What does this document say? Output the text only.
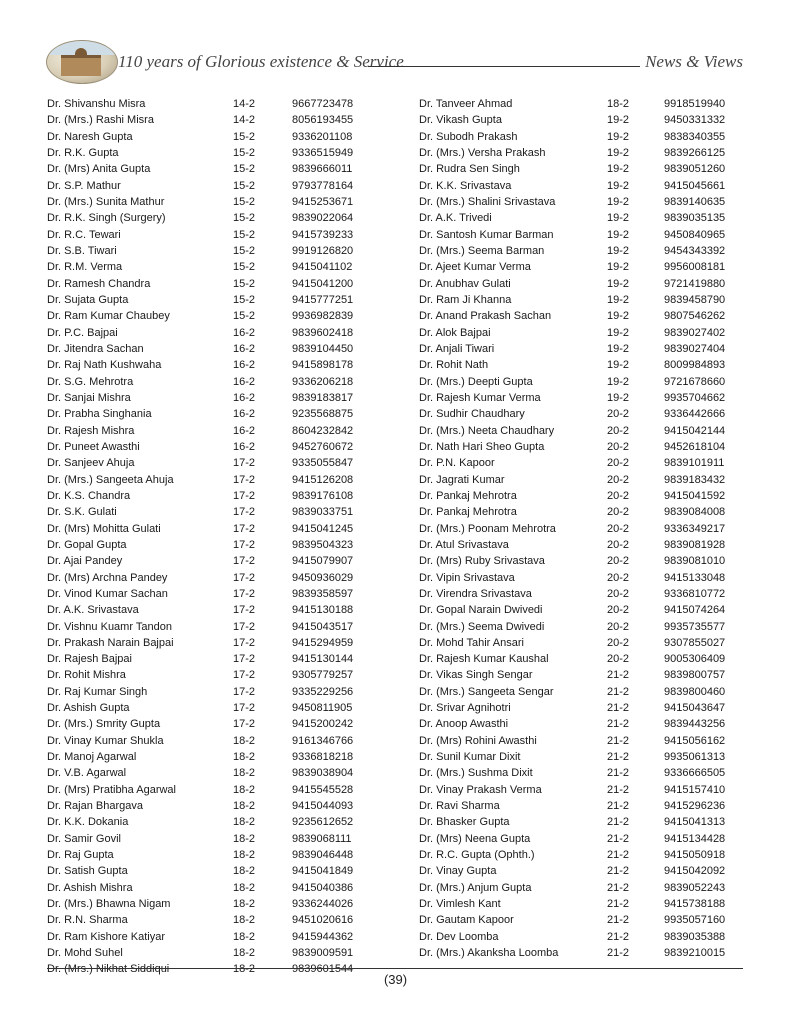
110 years of Glorious existence & Service	News & Views
Dr. Shivanshu Misra	14-2	9667723478
Dr. (Mrs.) Rashi Misra	14-2	8056193455
Dr. Naresh Gupta	15-2	9336201108
Dr. R.K. Gupta	15-2	9336515949
Dr. (Mrs) Anita Gupta	15-2	9839666011
Dr. S.P. Mathur	15-2	9793778164
Dr. (Mrs.) Sunita Mathur	15-2	9415253671
Dr. R.K. Singh (Surgery)	15-2	9839022064
Dr. R.C. Tewari	15-2	9415739233
Dr. S.B. Tiwari	15-2	9919126820
Dr. R.M. Verma	15-2	9415041102
Dr. Ramesh Chandra	15-2	9415041200
Dr. Sujata Gupta	15-2	9415777251
Dr. Ram Kumar Chaubey	15-2	9936982839
Dr. P.C. Bajpai	16-2	9839602418
Dr. Jitendra Sachan	16-2	9839104450
Dr. Raj Nath Kushwaha	16-2	9415898178
Dr. S.G. Mehrotra	16-2	9336206218
Dr. Sanjai Mishra	16-2	9839183817
Dr. Prabha Singhania	16-2	9235568875
Dr. Rajesh Mishra	16-2	8604232842
Dr. Puneet Awasthi	16-2	9452760672
Dr. Sanjeev Ahuja	17-2	9335055847
Dr. (Mrs.) Sangeeta Ahuja	17-2	9415126208
Dr. K.S. Chandra	17-2	9839176108
Dr. S.K. Gulati	17-2	9839033751
Dr. (Mrs) Mohitta Gulati	17-2	9415041245
Dr. Gopal Gupta	17-2	9839504323
Dr. Ajai Pandey	17-2	9415079907
Dr. (Mrs) Archna Pandey	17-2	9450936029
Dr. Vinod Kumar Sachan	17-2	9839358597
Dr. A.K. Srivastava	17-2	9415130188
Dr. Vishnu Kuamr Tandon	17-2	9415043517
Dr. Prakash Narain Bajpai	17-2	9415294959
Dr. Rajesh Bajpai	17-2	9415130144
Dr. Rohit Mishra	17-2	9305779257
Dr. Raj Kumar Singh	17-2	9335229256
Dr. Ashish Gupta	17-2	9450811905
Dr. (Mrs.) Smrity Gupta	17-2	9415200242
Dr. Vinay Kumar Shukla	18-2	9161346766
Dr. Manoj Agarwal	18-2	9336818218
Dr. V.B. Agarwal	18-2	9839038904
Dr. (Mrs) Pratibha Agarwal	18-2	9415545528
Dr. Rajan Bhargava	18-2	9415044093
Dr. K.K. Dokania	18-2	9235612652
Dr. Samir Govil	18-2	9839068111
Dr. Raj Gupta	18-2	9839046448
Dr. Satish Gupta	18-2	9415041849
Dr. Ashish Mishra	18-2	9415040386
Dr. (Mrs.) Bhawna Nigam	18-2	9336244026
Dr. R.N. Sharma	18-2	9451020616
Dr. Ram Kishore Katiyar	18-2	9415944362
Dr. Mohd Suhel	18-2	9839009591
Dr. (Mrs.) Nikhat Siddiqui	18-2	9839601544
Dr. Tanveer Ahmad	18-2	9918519940
Dr. Vikash Gupta	19-2	9450331332
Dr. Subodh Prakash	19-2	9838340355
Dr. (Mrs.) Versha Prakash	19-2	9839266125
Dr. Rudra Sen Singh	19-2	9839051260
Dr. K.K. Srivastava	19-2	9415045661
Dr. (Mrs.) Shalini Srivastava	19-2	9839140635
Dr. A.K. Trivedi	19-2	9839035135
Dr. Santosh Kumar Barman	19-2	9450840965
Dr. (Mrs.) Seema Barman	19-2	9454343392
Dr. Ajeet Kumar Verma	19-2	9956008181
Dr. Anubhav Gulati	19-2	9721419880
Dr. Ram Ji Khanna	19-2	9839458790
Dr. Anand Prakash Sachan	19-2	9807546262
Dr. Alok Bajpai	19-2	9839027402
Dr. Anjali Tiwari	19-2	9839027404
Dr. Rohit Nath	19-2	8009984893
Dr. (Mrs.) Deepti Gupta	19-2	9721678660
Dr. Rajesh Kumar Verma	19-2	9935704662
Dr. Sudhir Chaudhary	20-2	9336442666
Dr. (Mrs.) Neeta Chaudhary	20-2	9415042144
Dr. Nath Hari Sheo Gupta	20-2	9452618104
Dr. P.N. Kapoor	20-2	9839101911
Dr. Jagrati Kumar	20-2	9839183432
Dr. Pankaj Mehrotra	20-2	9415041592
Dr. Pankaj Mehrotra	20-2	9839084008
Dr. (Mrs.) Poonam Mehrotra	20-2	9336349217
Dr. Atul Srivastava	20-2	9839081928
Dr. (Mrs) Ruby Srivastava	20-2	9839081010
Dr. Vipin Srivastava	20-2	9415133048
Dr. Virendra Srivastava	20-2	9336810772
Dr. Gopal Narain Dwivedi	20-2	9415074264
Dr. (Mrs.) Seema Dwivedi	20-2	9935735577
Dr. Mohd Tahir Ansari	20-2	9307855027
Dr. Rajesh Kumar Kaushal	20-2	9005306409
Dr. Vikas Singh Sengar	21-2	9839800757
Dr. (Mrs.) Sangeeta Sengar	21-2	9839800460
Dr. Srivar Agnihotri	21-2	9415043647
Dr. Anoop Awasthi	21-2	9839443256
Dr. (Mrs) Rohini Awasthi	21-2	9415056162
Dr. Sunil Kumar Dixit	21-2	9935061313
Dr. (Mrs.) Sushma Dixit	21-2	9336666505
Dr. Vinay Prakash Verma	21-2	9415157410
Dr. Ravi Sharma	21-2	9415296236
Dr. Bhasker Gupta	21-2	9415041313
Dr. (Mrs) Neena Gupta	21-2	9415134428
Dr. R.C. Gupta (Ophth.)	21-2	9415050918
Dr. Vinay Gupta	21-2	9415042092
Dr. (Mrs.) Anjum Gupta	21-2	9839052243
Dr. Vimlesh Kant	21-2	9415738188
Dr. Gautam Kapoor	21-2	9935057160
Dr. Dev Loomba	21-2	9839035388
Dr. (Mrs.) Akanksha Loomba	21-2	9839210015
(39)
